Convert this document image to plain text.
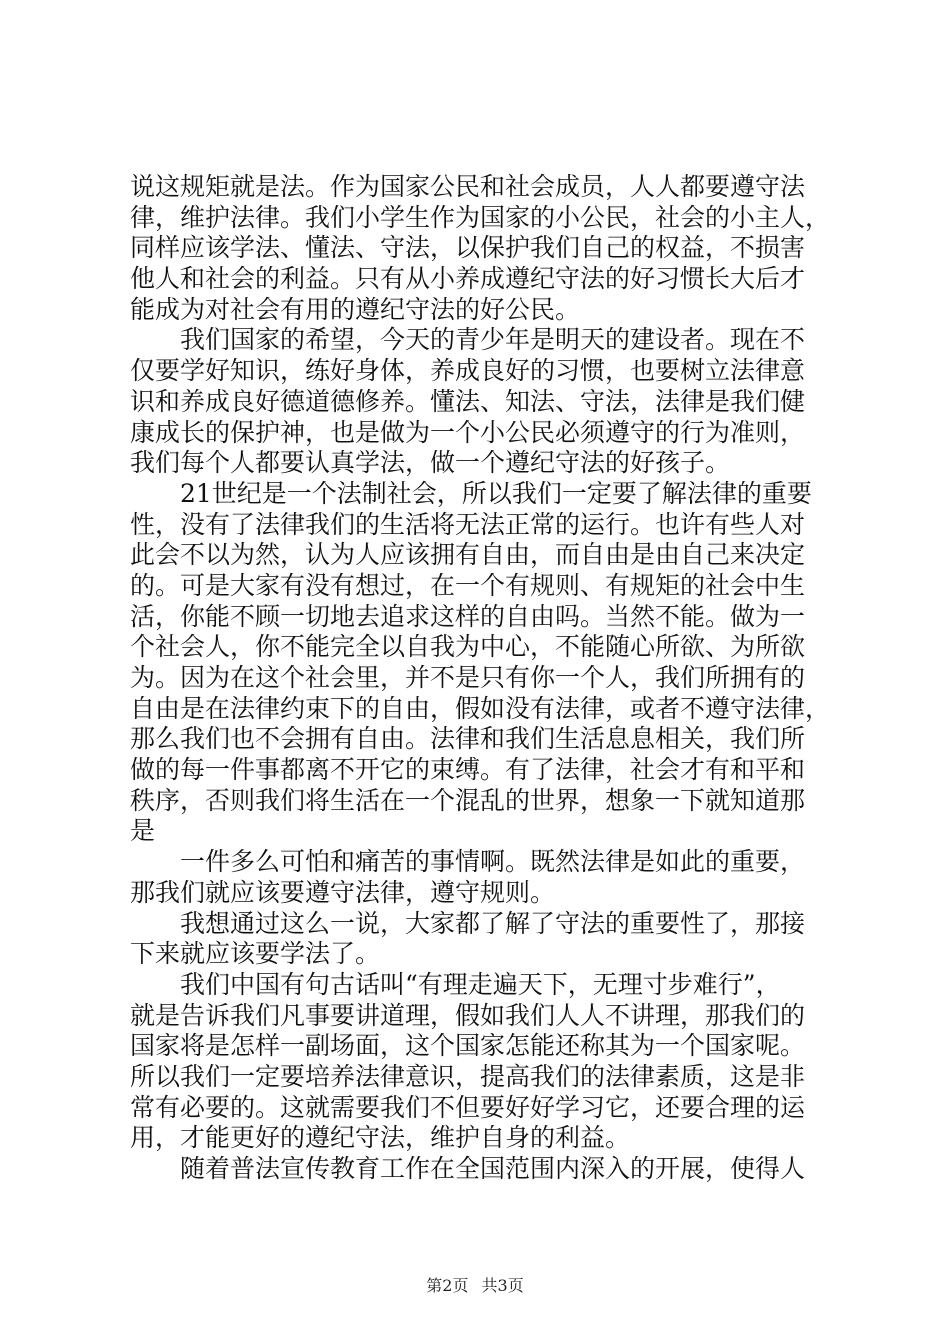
说这规矩就是法。作为国家公民和社会成员，人人都要遵守法
律，维护法律。我们小学生作为国家的小公民，社会的小主人，
同样应该学法、懂法、守法，以保护我们自己的权益，不损害
他人和社会的利益。只有从小养成遵纪守法的好习惯长大后才
能成为对社会有用的遵纪守法的好公民。
我们国家的希望，今天的青少年是明天的建设者。现在不
仅要学好知识，练好身体，养成良好的习惯，也要树立法律意
识和养成良好德道德修养。懂法、知法、守法，法律是我们健
康成长的保护神，也是做为一个小公民必须遵守的行为准则，
我们每个人都要认真学法，做一个遵纪守法的好孩子。
21世纪是一个法制社会，所以我们一定要了解法律的重要
性，没有了法律我们的生活将无法正常的运行。也许有些人对
此会不以为然，认为人应该拥有自由，而自由是由自己来决定
的。可是大家有没有想过，在一个有规则、有规矩的社会中生
活，你能不顾一切地去追求这样的自由吗。当然不能。做为一
个社会人，你不能完全以自我为中心，不能随心所欲、为所欲
为。因为在这个社会里，并不是只有你一个人，我们所拥有的
自由是在法律约束下的自由，假如没有法律，或者不遵守法律，
那么我们也不会拥有自由。法律和我们生活息息相关，我们所
做的每一件事都离不开它的束缚。有了法律，社会才有和平和
秩序，否则我们将生活在一个混乱的世界，想象一下就知道那
是
一件多么可怕和痛苦的事情啊。既然法律是如此的重要，
那我们就应该要遵守法律，遵守规则。
我想通过这么一说，大家都了解了守法的重要性了，那接
下来就应该要学法了。
我们中国有句古话叫“有理走遍天下，无理寸步难行”，
就是告诉我们凡事要讲道理，假如我们人人不讲理，那我们的
国家将是怎样一副场面，这个国家怎能还称其为一个国家呢。
所以我们一定要培养法律意识，提高我们的法律素质，这是非
常有必要的。这就需要我们不但要好好学习它，还要合理的运
用，才能更好的遵纪守法，维护自身的利益。
随着普法宣传教育工作在全国范围内深入的开展，使得人
第2页 共3页
